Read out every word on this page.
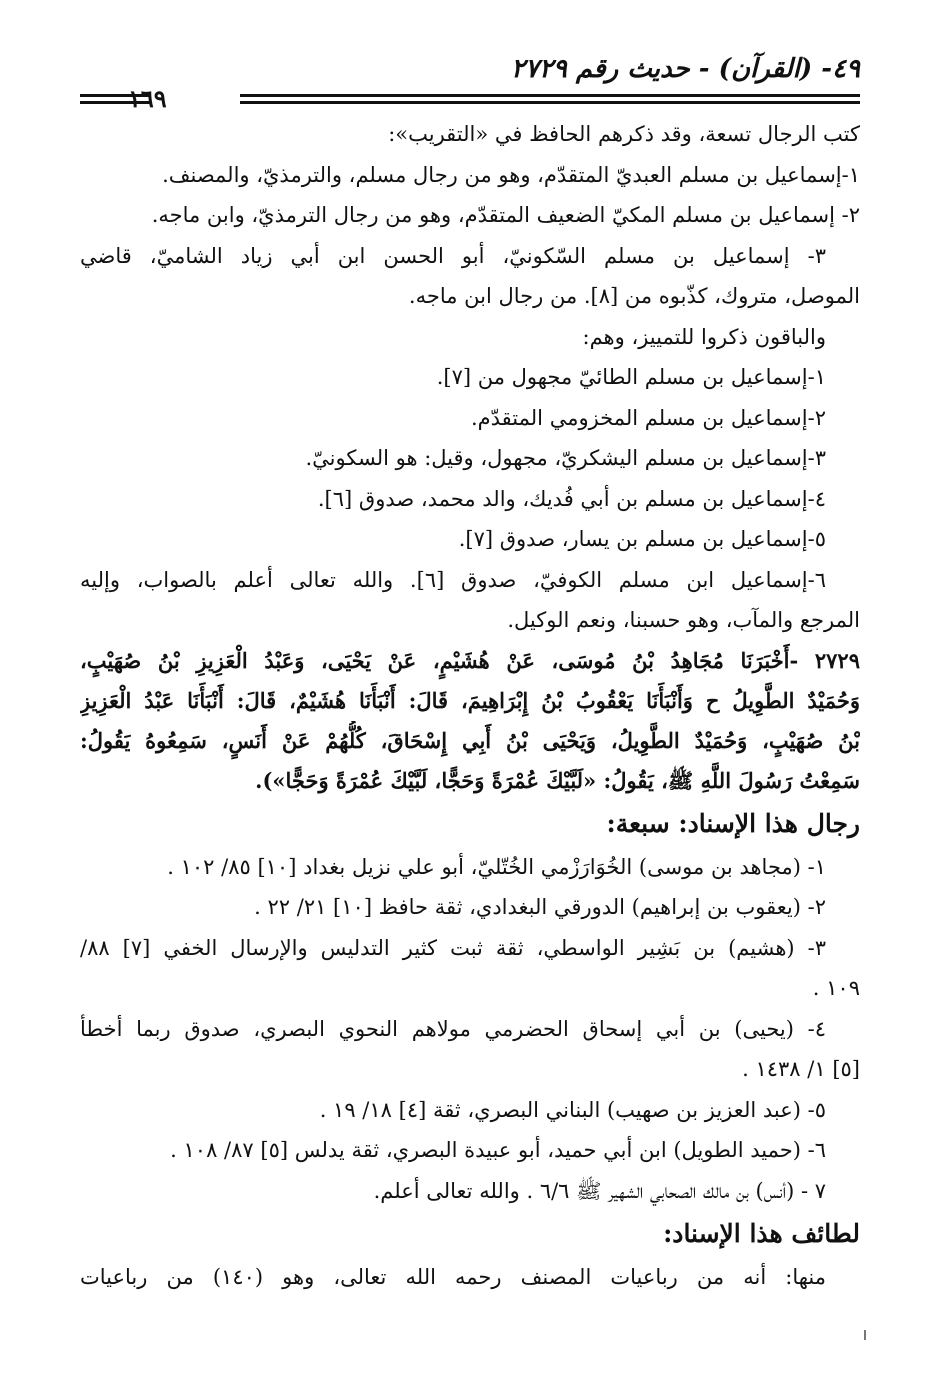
٤٩- (القرآن) - حديث رقم ٢٧٢٩
١٦٩
كتب الرجال تسعة، وقد ذكرهم الحافظ في «التقريب»:
١-إسماعيل بن مسلم العبديّ المتقدّم، وهو من رجال مسلم، والترمذيّ، والمصنف.
٢- إسماعيل بن مسلم المكيّ الضعيف المتقدّم، وهو من رجال الترمذيّ، وابن ماجه.
٣- إسماعيل بن مسلم السّكونيّ، أبو الحسن ابن أبي زياد الشاميّ، قاضي
الموصل، متروك، كذّبوه من [٨]. من رجال ابن ماجه.
والباقون ذكروا للتمييز، وهم:
١-إسماعيل بن مسلم الطائيّ مجهول من [٧].
٢-إسماعيل بن مسلم المخزومي المتقدّم.
٣-إسماعيل بن مسلم اليشكريّ، مجهول، وقيل: هو السكونيّ.
٤-إسماعيل بن مسلم بن أبي فُديك، والد محمد، صدوق [٦].
٥-إسماعيل بن مسلم بن يسار، صدوق [٧].
٦-إسماعيل ابن مسلم الكوفيّ، صدوق [٦]. والله تعالى أعلم بالصواب، وإليه
المرجع والمآب، وهو حسبنا، ونعم الوكيل.
٢٧٢٩ -أَخْبَرَنَا مُجَاهِدُ بْنُ مُوسَى، عَنْ هُشَيْمٍ، عَنْ يَحْيَى، وَعَبْدُ الْعَزِيزِ بْنُ صُهَيْبٍ،
وَحُمَيْدٌ الطَّوِيلُ ح وَأَنْبَأَنَا يَعْقُوبُ بْنُ إِبْرَاهِيمَ، قَالَ: أَنْبَأَنَا هُشَيْمٌ، قَالَ: أَنْبَأَنَا عَبْدُ الْعَزِيزِ
بْنُ صُهَيْبٍ، وَحُمَيْدٌ الطَّوِيلُ، وَيَحْيَى بْنُ أَبِي إِسْحَاقَ، كُلُّهُمْ عَنْ أَنَسٍ، سَمِعُوهُ يَقُولُ:
سَمِعْتُ رَسُولَ اللَّهِ ﷺ، يَقُولُ: «لَبَّيْكَ عُمْرَةً وَحَجًّا، لَبَّيْكَ عُمْرَةً وَحَجًّا»).
رجال هذا الإسناد: سبعة:
١- (مجاهد بن موسى) الخُوَارَزْمي الخُتّليّ، أبو علي نزيل بغداد [١٠] ٨٥/ ١٠٢ .
٢- (يعقوب بن إبراهيم) الدورقي البغدادي، ثقة حافظ [١٠] ٢١/ ٢٢ .
٣- (هشيم) بن بَشِير الواسطي، ثقة ثبت كثير التدليس والإرسال الخفي [٧] ٨٨/
١٠٩ .
٤- (يحيى) بن أبي إسحاق الحضرمي مولاهم النحوي البصري، صدوق ربما أخطأ
[٥] ١/ ١٤٣٨ .
٥- (عبد العزيز بن صهيب) البناني البصري، ثقة [٤] ١٨/ ١٩ .
٦- (حميد الطويل) ابن أبي حميد، أبو عبيدة البصري، ثقة يدلس [٥] ٨٧/ ١٠٨ .
٧ - (أنس) بن مالك الصحابي الشهير ﷺ ٦/٦ . والله تعالى أعلم.
لطائف هذا الإسناد:
منها: أنه من رباعيات المصنف رحمه الله تعالى، وهو (١٤٠) من رباعيات
